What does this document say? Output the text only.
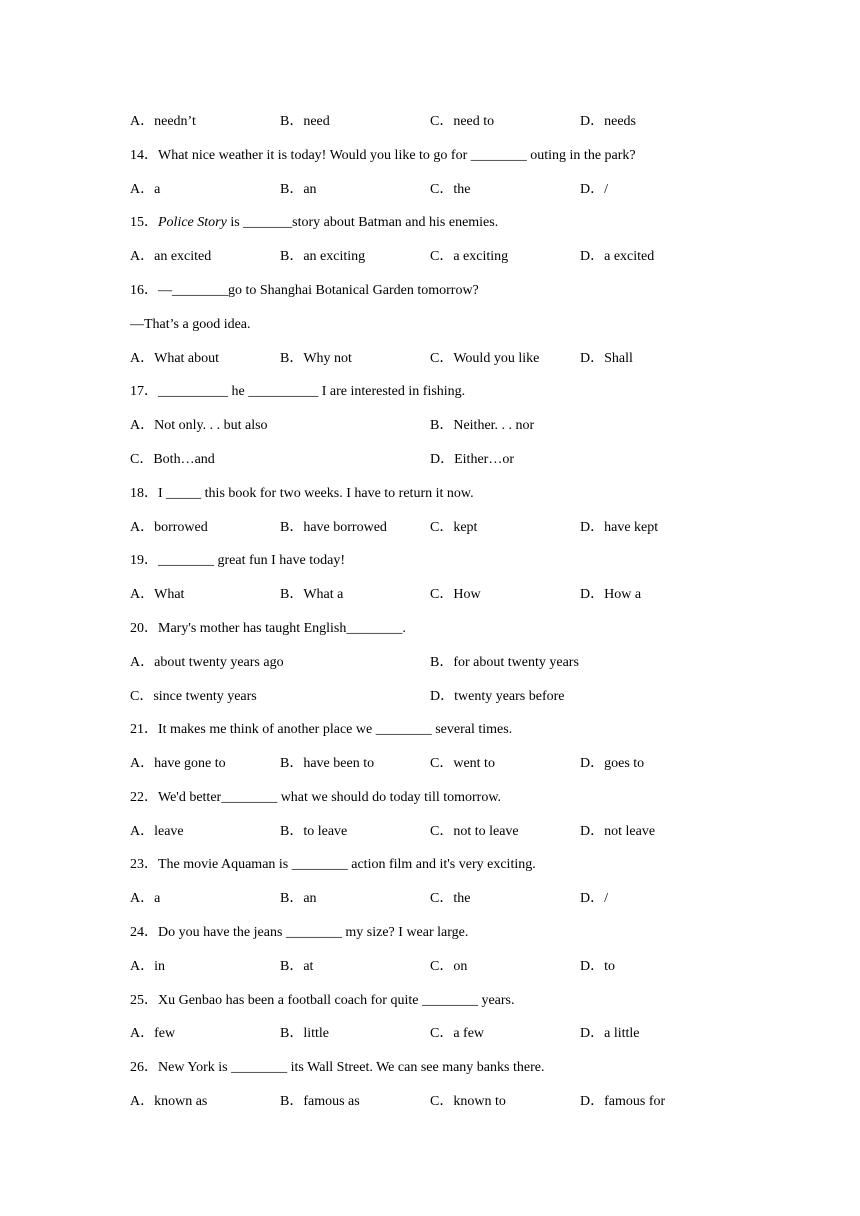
A．needn’t	B．need	C．need to	D．needs
14．What nice weather it is today! Would you like to go for ________ outing in the park?
A．a	B．an	C．the	D．/
15．Police Story is _______story about Batman and his enemies.
A．an excited	B．an exciting	C．a exciting	D．a excited
16．—________go to Shanghai Botanical Garden tomorrow?
—That’s a good idea.
A．What about	B．Why not	C．Would you like	D．Shall
17．__________ he __________ I are interested in fishing.
A．Not only. . . but also	B．Neither. . . nor
C．Both…and	D．Either…or
18．I _____ this book for two weeks. I have to return it now.
A．borrowed	B．have borrowed	C．kept	D．have kept
19．________ great fun I have today!
A．What	B．What a	C．How	D．How a
20．Mary's mother has taught English________.
A．about twenty years ago	B．for about twenty years
C．since twenty years	D．twenty years before
21．It makes me think of another place we ________ several times.
A．have gone to	B．have been to	C．went to	D．goes to
22．We'd better________ what we should do today till tomorrow.
A．leave	B．to leave	C．not to leave	D．not leave
23．The movie Aquaman is ________ action film and it's very exciting.
A．a	B．an	C．the	D．/
24．Do you have the jeans ________ my size? I wear large.
A．in	B．at	C．on	D．to
25．Xu Genbao has been a football coach for quite ________ years.
A．few	B．little	C．a few	D．a little
26．New York is ________ its Wall Street. We can see many banks there.
A．known as	B．famous as	C．known to	D．famous for
